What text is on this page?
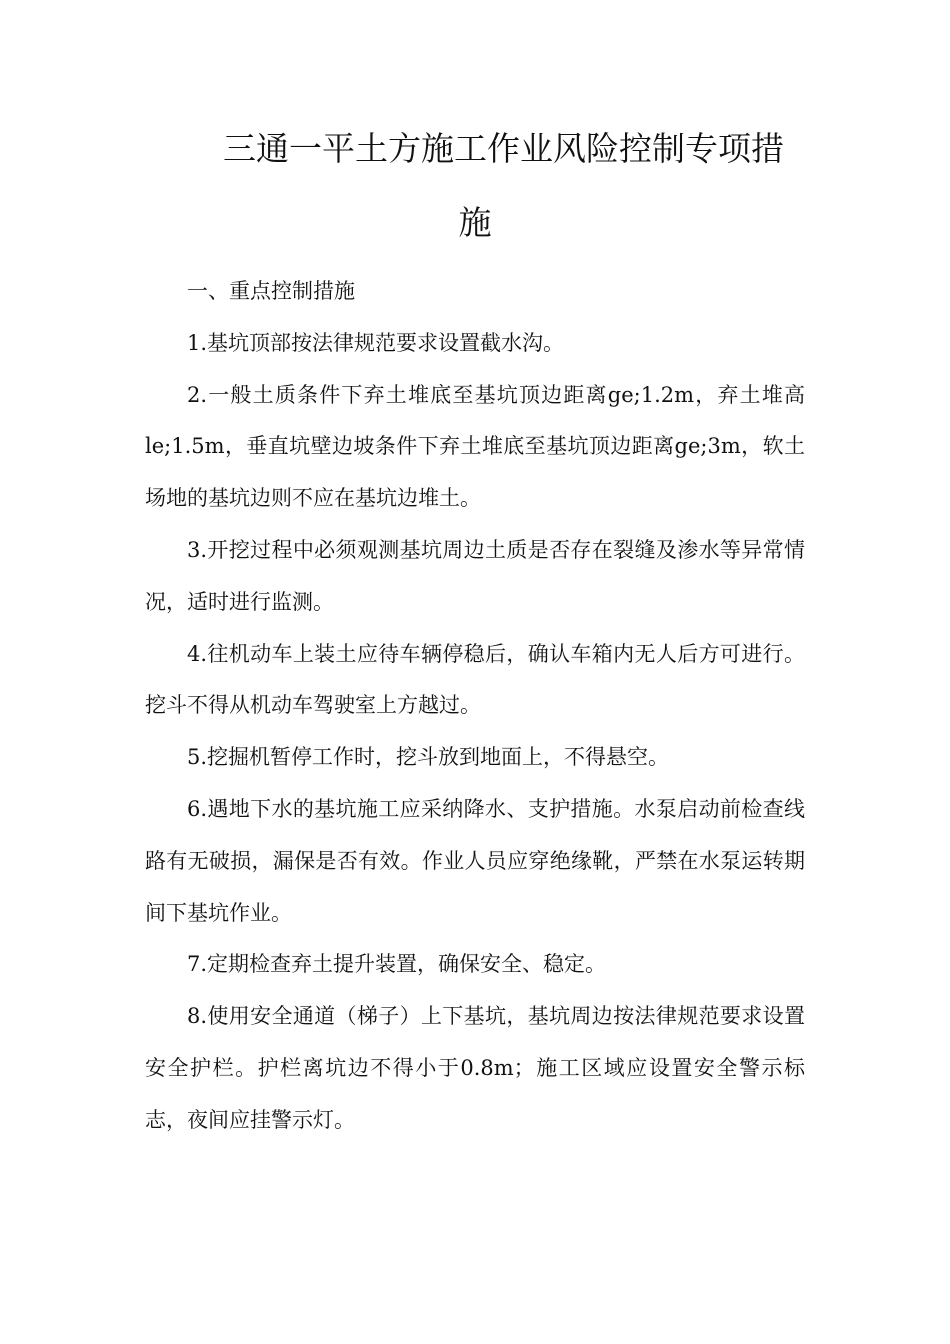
三通一平土方施工作业风险控制专项措
施

一、重点控制措施

1.基坑顶部按法律规范要求设置截水沟。

2.一般土质条件下弃土堆底至基坑顶边距离ge;1.2m，弃土堆高le;1.5m，垂直坑壁边坡条件下弃土堆底至基坑顶边距离ge;3m，软土场地的基坑边则不应在基坑边堆土。

3.开挖过程中必须观测基坑周边土质是否存在裂缝及渗水等异常情况，适时进行监测。

4.往机动车上装土应待车辆停稳后，确认车箱内无人后方可进行。挖斗不得从机动车驾驶室上方越过。

5.挖掘机暂停工作时，挖斗放到地面上，不得悬空。

6.遇地下水的基坑施工应采纳降水、支护措施。水泵启动前检查线路有无破损，漏保是否有效。作业人员应穿绝缘靴，严禁在水泵运转期间下基坑作业。

7.定期检查弃土提升装置，确保安全、稳定。

8.使用安全通道（梯子）上下基坑，基坑周边按法律规范要求设置安全护栏。护栏离坑边不得小于0.8m；施工区域应设置安全警示标志，夜间应挂警示灯。
